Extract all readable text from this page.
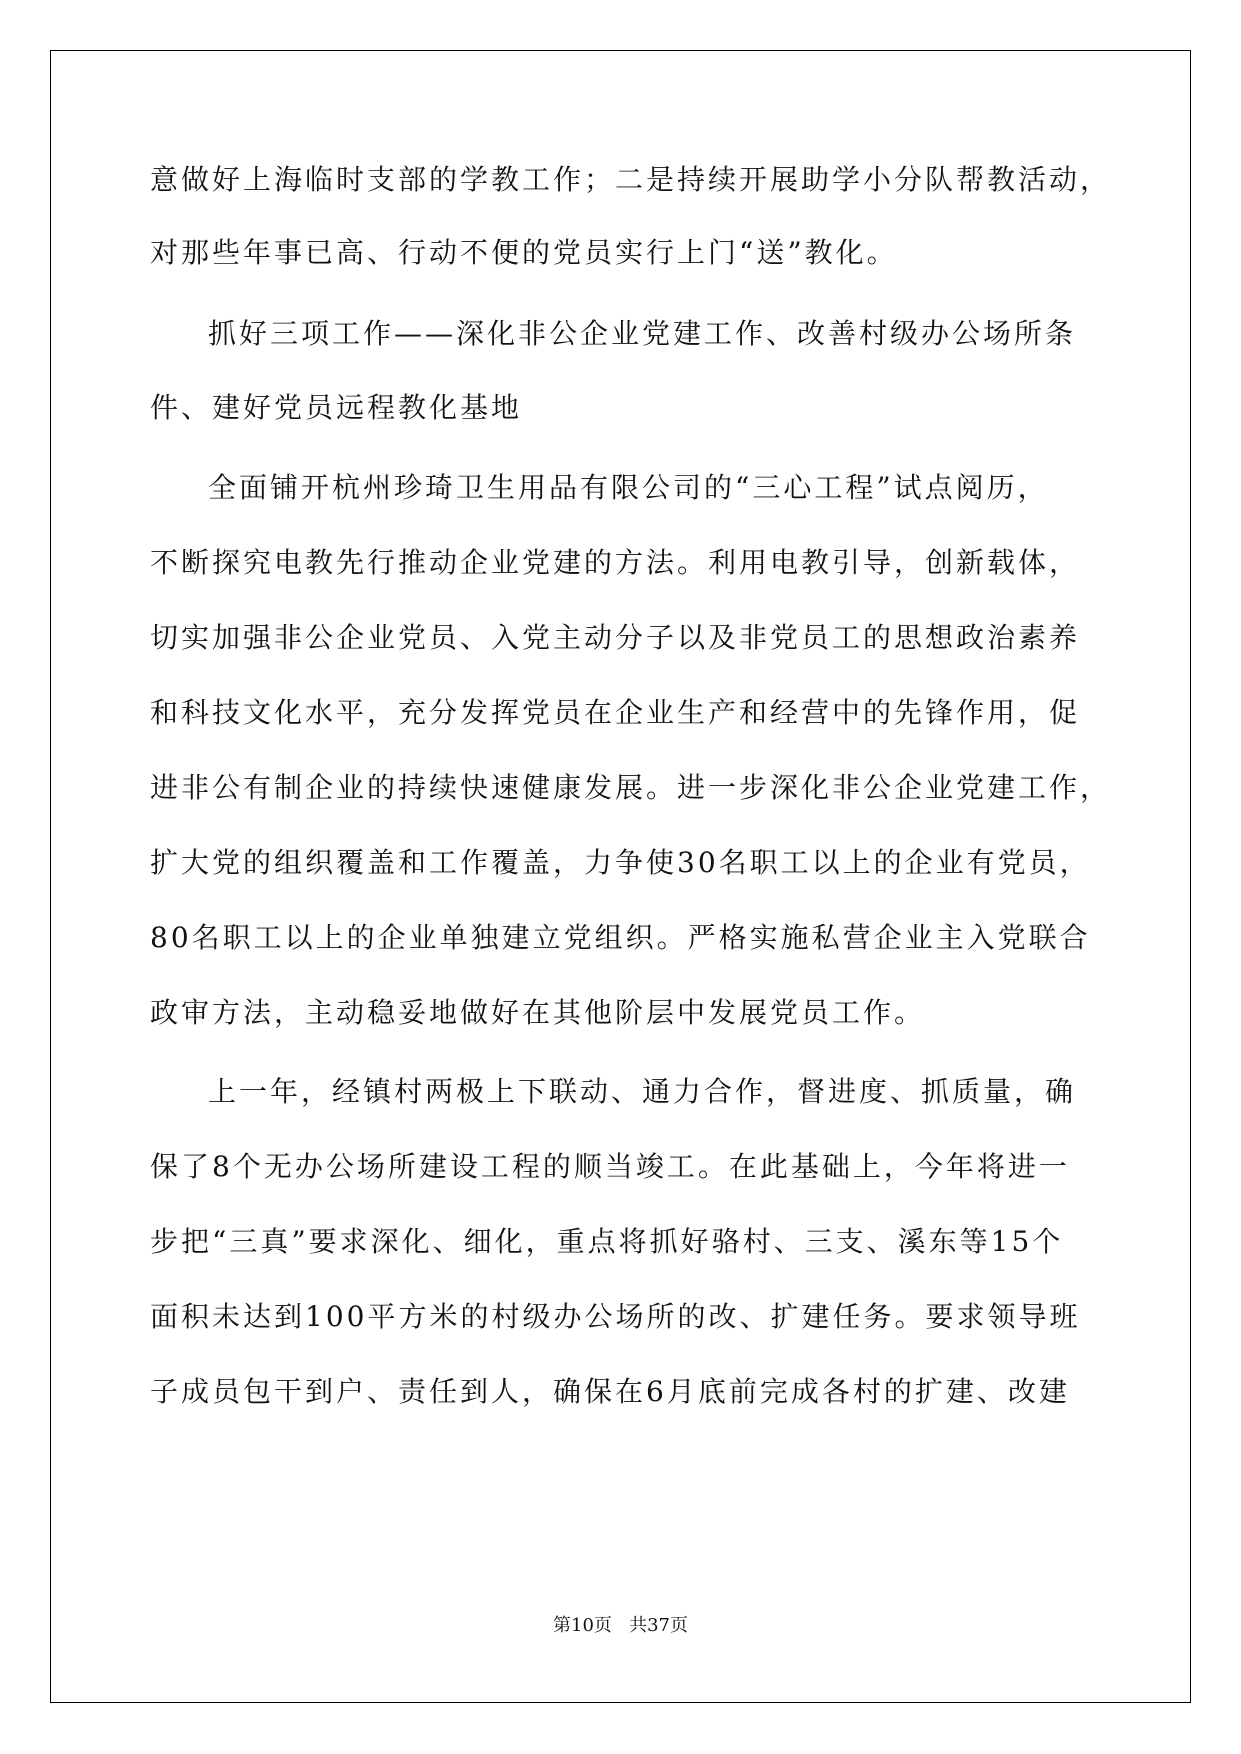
意做好上海临时支部的学教工作；二是持续开展助学小分队帮教活动，
对那些年事已高、行动不便的党员实行上门“送”教化。
抓好三项工作——深化非公企业党建工作、改善村级办公场所条
件、建好党员远程教化基地
全面铺开杭州珍琦卫生用品有限公司的“三心工程”试点阅历，
不断探究电教先行推动企业党建的方法。利用电教引导，创新载体，
切实加强非公企业党员、入党主动分子以及非党员工的思想政治素养
和科技文化水平，充分发挥党员在企业生产和经营中的先锋作用，促
进非公有制企业的持续快速健康发展。进一步深化非公企业党建工作，
扩大党的组织覆盖和工作覆盖，力争使30名职工以上的企业有党员，
80名职工以上的企业单独建立党组织。严格实施私营企业主入党联合
政审方法，主动稳妥地做好在其他阶层中发展党员工作。
上一年，经镇村两极上下联动、通力合作，督进度、抓质量，确
保了8个无办公场所建设工程的顺当竣工。在此基础上，今年将进一
步把“三真”要求深化、细化，重点将抓好骆村、三支、溪东等15个
面积未达到100平方米的村级办公场所的改、扩建任务。要求领导班
子成员包干到户、责任到人，确保在6月底前完成各村的扩建、改建
第10页 共37页
